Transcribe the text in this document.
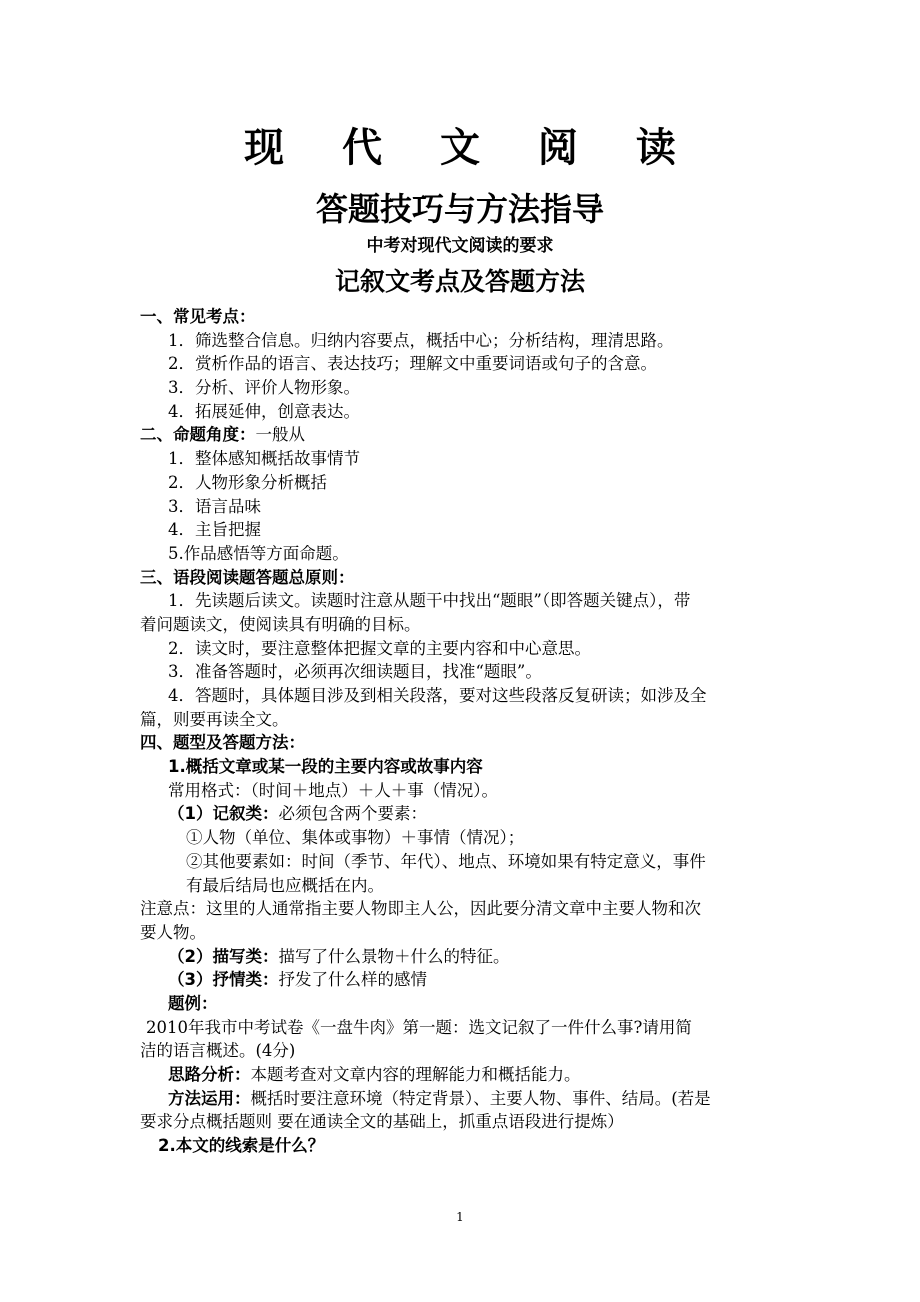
现 代 文 阅 读
答题技巧与方法指导
中考对现代文阅读的要求
记叙文考点及答题方法
一、常见考点：
1．筛选整合信息。归纳内容要点，概括中心；分析结构，理清思路。
2．赏析作品的语言、表达技巧；理解文中重要词语或句子的含意。
3．分析、评价人物形象。
4．拓展延伸，创意表达。
二、命题角度：一般从
1．整体感知概括故事情节
2．人物形象分析概括
3．语言品味
4．主旨把握
5.作品感悟等方面命题。
三、语段阅读题答题总原则：
1．先读题后读文。读题时注意从题干中找出“题眼”（即答题关键点），带
着问题读文，使阅读具有明确的目标。
2．读文时，要注意整体把握文章的主要内容和中心意思。
3．准备答题时，必须再次细读题目，找准“题眼”。
4．答题时，具体题目涉及到相关段落，要对这些段落反复研读；如涉及全
篇，则要再读全文。
四、题型及答题方法：
1.概括文章或某一段的主要内容或故事内容
常用格式：（时间＋地点）＋人＋事（情况）。
（1）记叙类：必须包含两个要素：
①人物（单位、集体或事物）＋事情（情况）；
②其他要素如：时间（季节、年代）、地点、环境如果有特定意义，事件
有最后结局也应概括在内。
注意点：这里的人通常指主要人物即主人公，因此要分清文章中主要人物和次
要人物。
（2）描写类：描写了什么景物＋什么的特征。
（3）抒情类：抒发了什么样的感情
题例：
2010年我市中考试卷《一盘牛肉》第一题：选文记叙了一件什么事?请用简
洁的语言概述。(4分)
思路分析：本题考查对文章内容的理解能力和概括能力。
方法运用：概括时要注意环境（特定背景）、主要人物、事件、结局。(若是
要求分点概括题则 要在通读全文的基础上，抓重点语段进行提炼）
2.本文的线索是什么？
1
